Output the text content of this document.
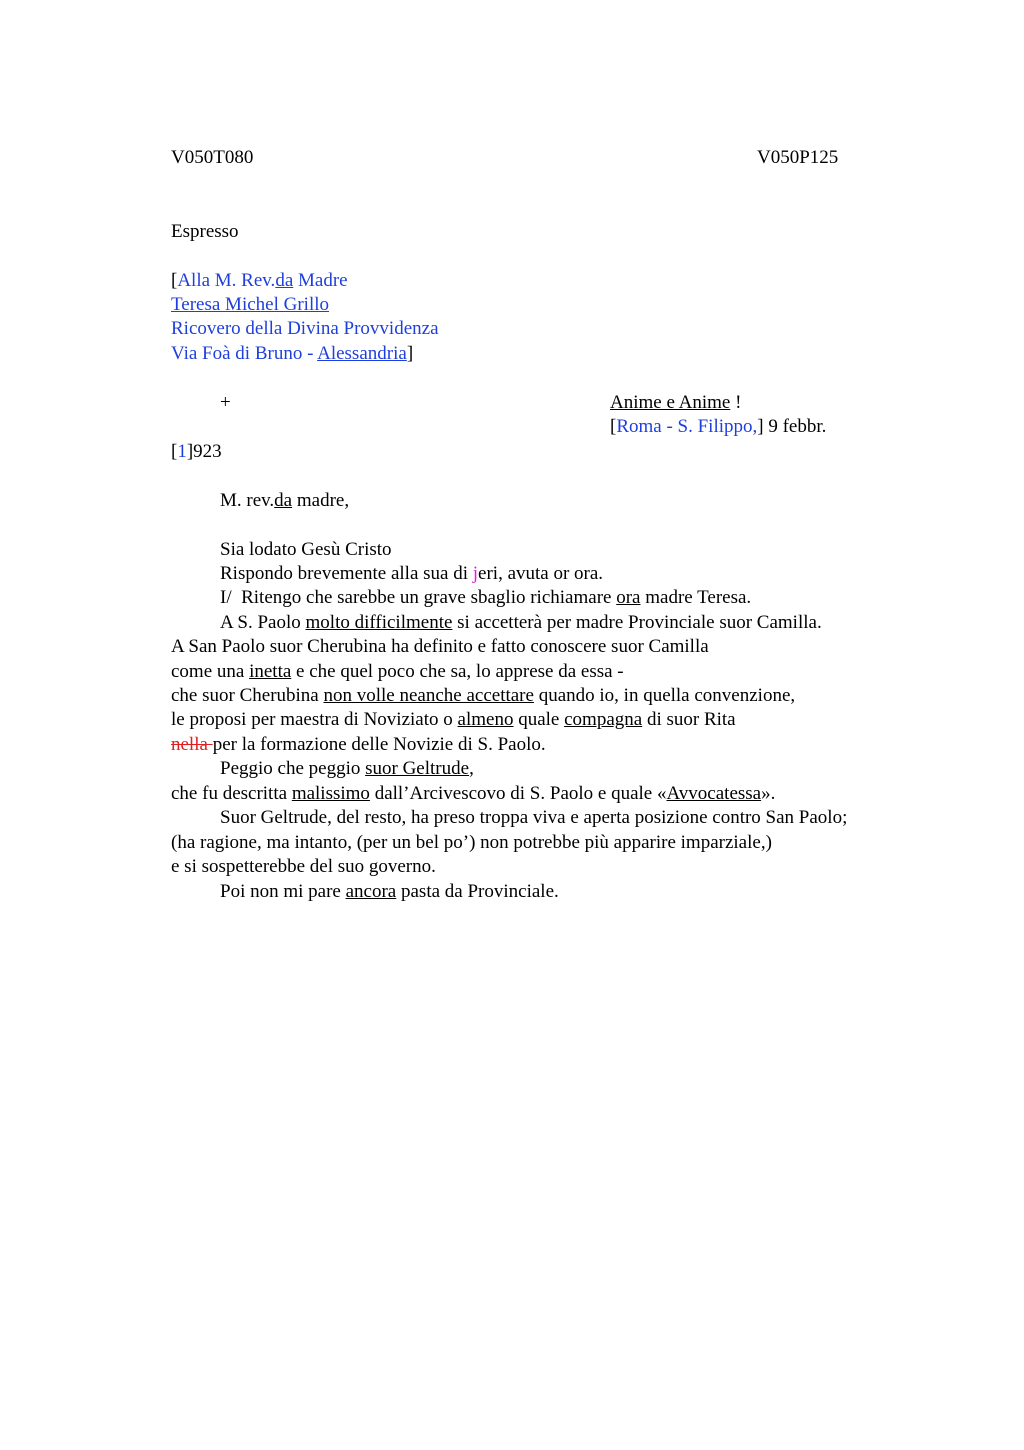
V050T080	V050P125
Espresso
[Alla M. Rev.da Madre
Teresa Michel Grillo
Ricovero della Divina Provvidenza
Via Foà di Bruno - Alessandria]
+	Anime e Anime !
[Roma - S. Filippo,] 9 febbr.
[1]923
M. rev.da madre,
Sia lodato Gesù Cristo
Rispondo brevemente alla sua di jeri, avuta or ora.
I/  Ritengo che sarebbe un grave sbaglio richiamare ora madre Teresa.
A S. Paolo molto difficilmente si accetterà per madre Provinciale suor Camilla.
A San Paolo suor Cherubina ha definito e fatto conoscere suor Camilla
come una inetta e che quel poco che sa, lo apprese da essa -
che suor Cherubina non volle neanche accettare quando io, in quella convenzione,
le proposi per maestra di Noviziato o almeno quale compagna di suor Rita
nella per la formazione delle Novizie di S. Paolo.
Peggio che peggio suor Geltrude,
che fu descritta malissimo dall’Arcivescovo di S. Paolo e quale «Avvocatessa».
Suor Geltrude, del resto, ha preso troppa viva e aperta posizione contro San Paolo;
(ha ragione, ma intanto, (per un bel po’) non potrebbe più apparire imparziale,)
e si sospetterebbe del suo governo.
Poi non mi pare ancora pasta da Provinciale.
